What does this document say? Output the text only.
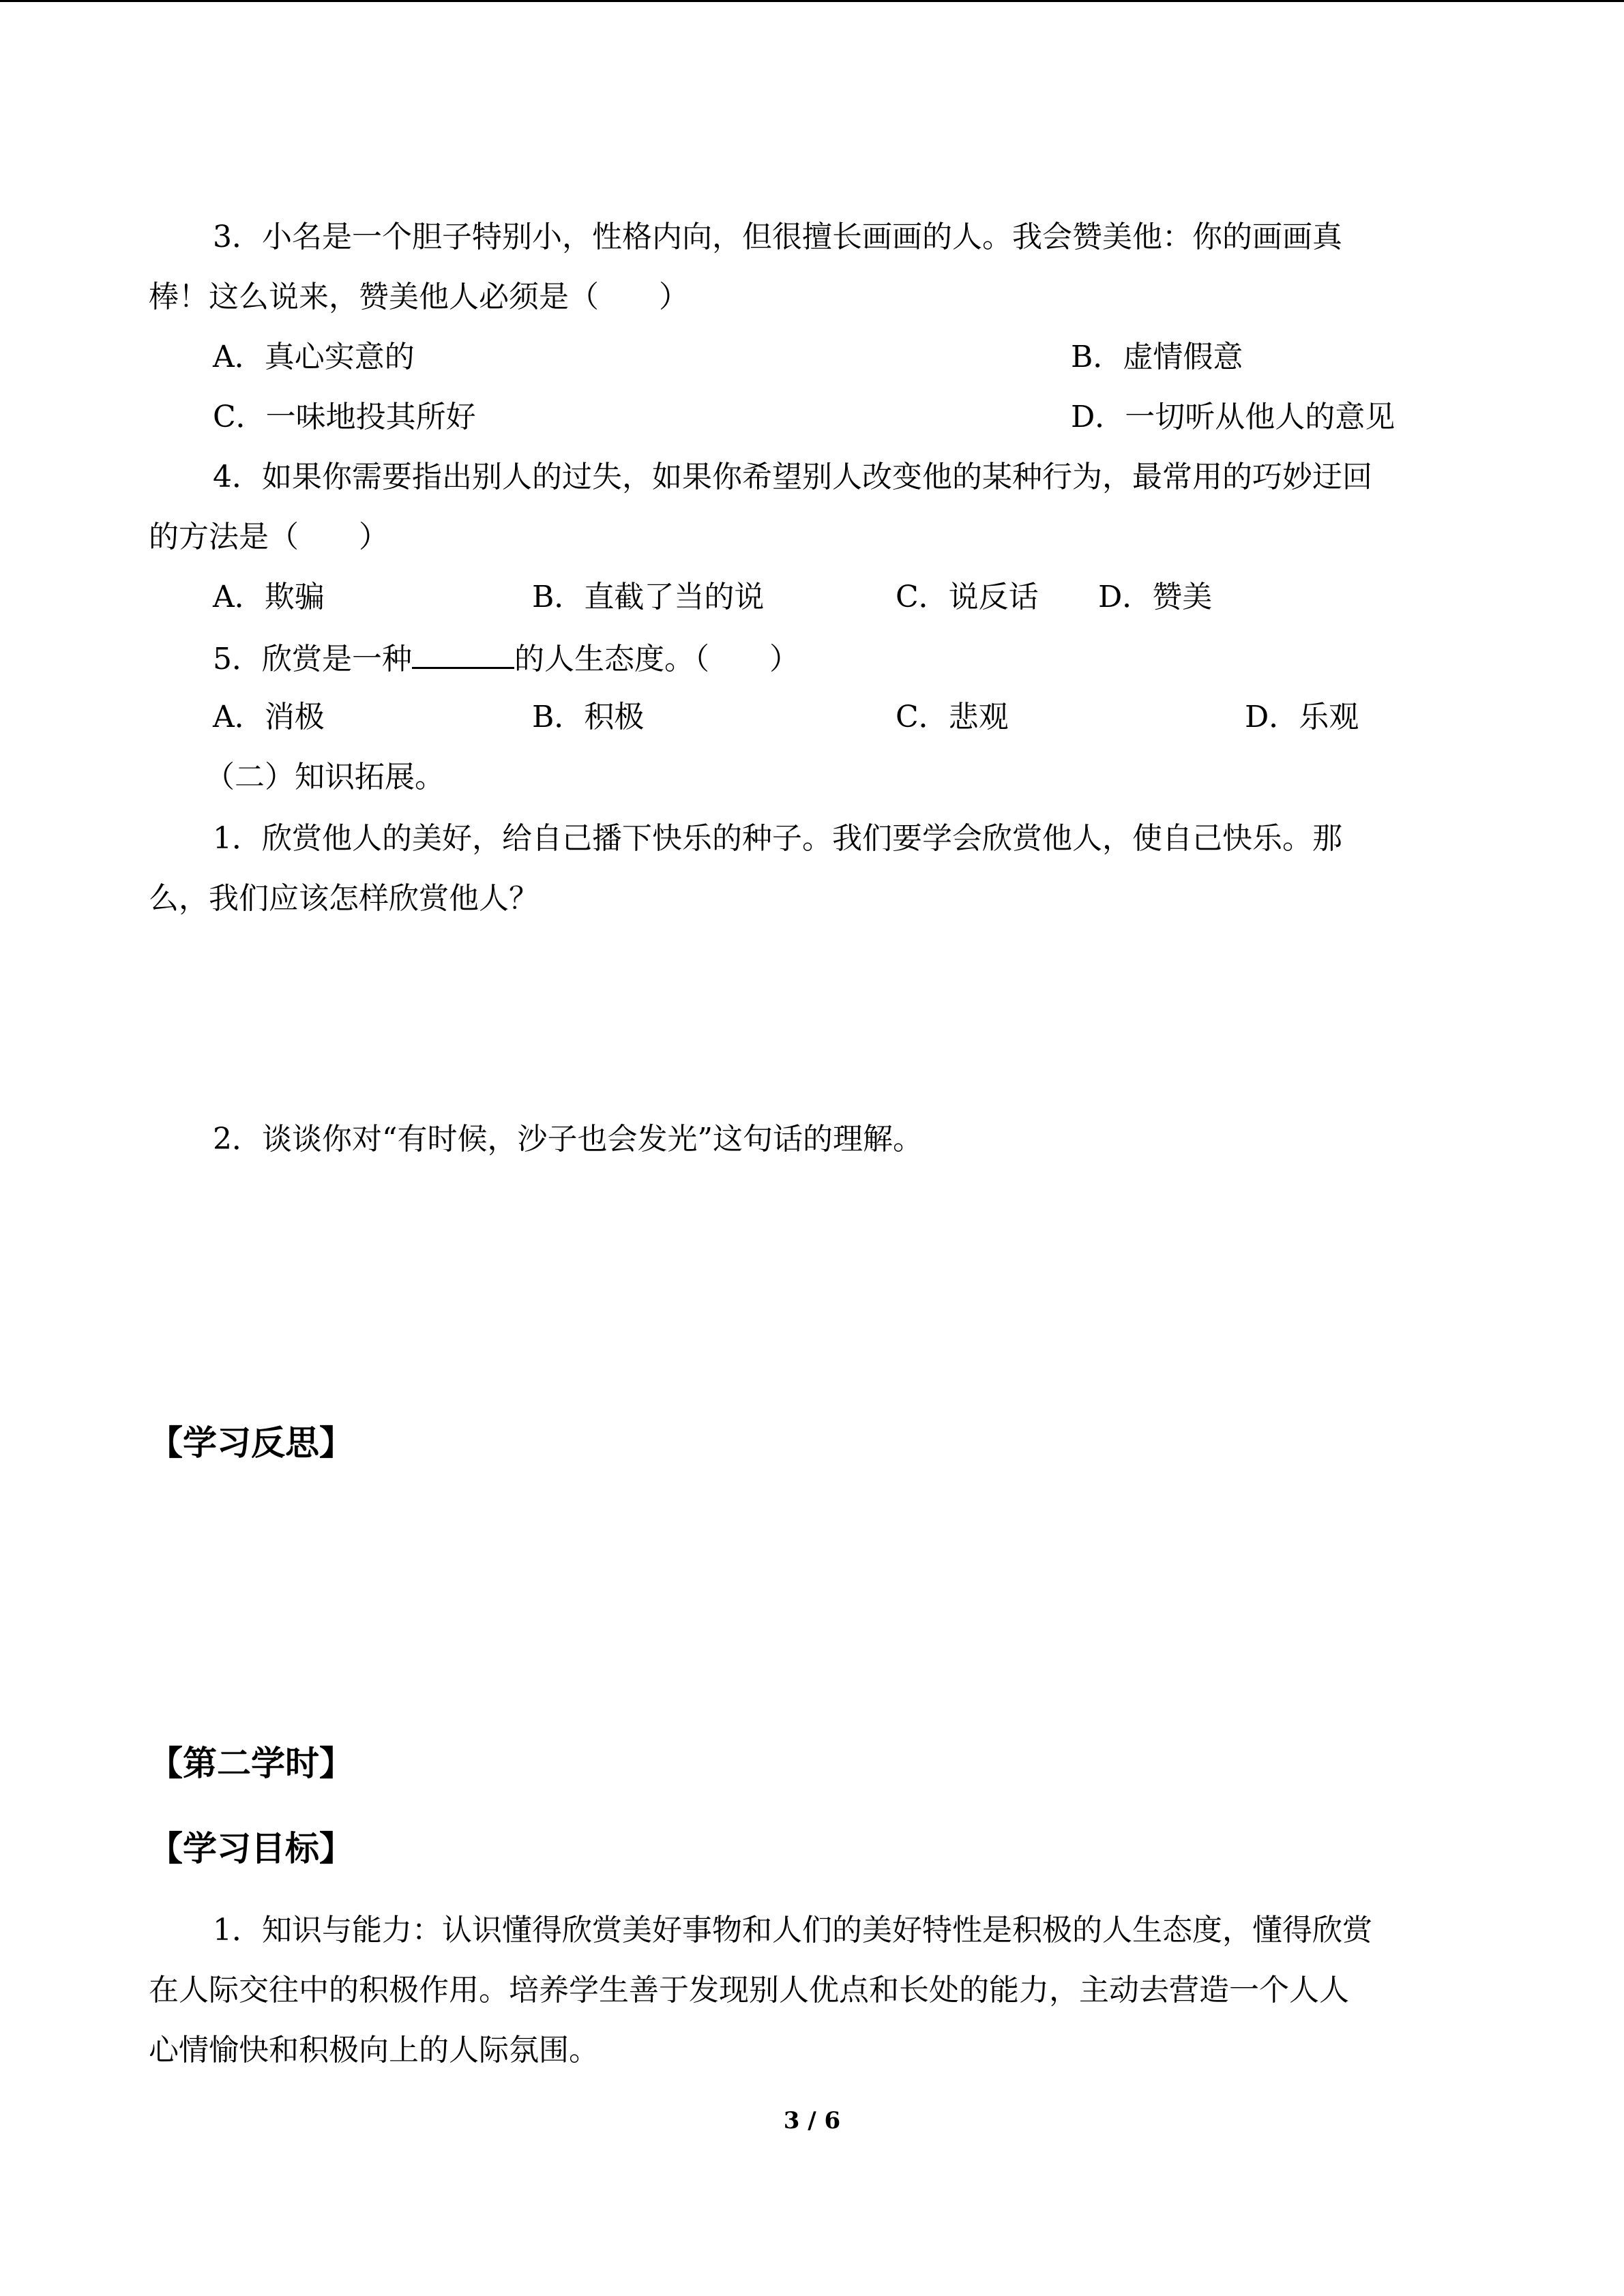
3．小名是一个胆子特别小，性格内向，但很擅长画画的人。我会赞美他：你的画画真
棒！这么说来，赞美他人必须是（　　）
A．真心实意的	B．虚情假意
C．一味地投其所好	D．一切听从他人的意见
4．如果你需要指出别人的过失，如果你希望别人改变他的某种行为，最常用的巧妙迂回
的方法是（　　）
A．欺骗	B．直截了当的说	C．说反话 D．赞美
5．欣赏是一种	的人生态度。（　　）
A．消极	B．积极	C．悲观	D．乐观
（二）知识拓展。
1．欣赏他人的美好，给自己播下快乐的种子。我们要学会欣赏他人，使自己快乐。那
么，我们应该怎样欣赏他人？
2．谈谈你对“有时候，沙子也会发光”这句话的理解。
【学习反思】
【第二学时】
【学习目标】
1．知识与能力：认识懂得欣赏美好事物和人们的美好特性是积极的人生态度，懂得欣赏
在人际交往中的积极作用。培养学生善于发现别人优点和长处的能力，主动去营造一个人人
心情愉快和积极向上的人际氛围。
3 / 6
